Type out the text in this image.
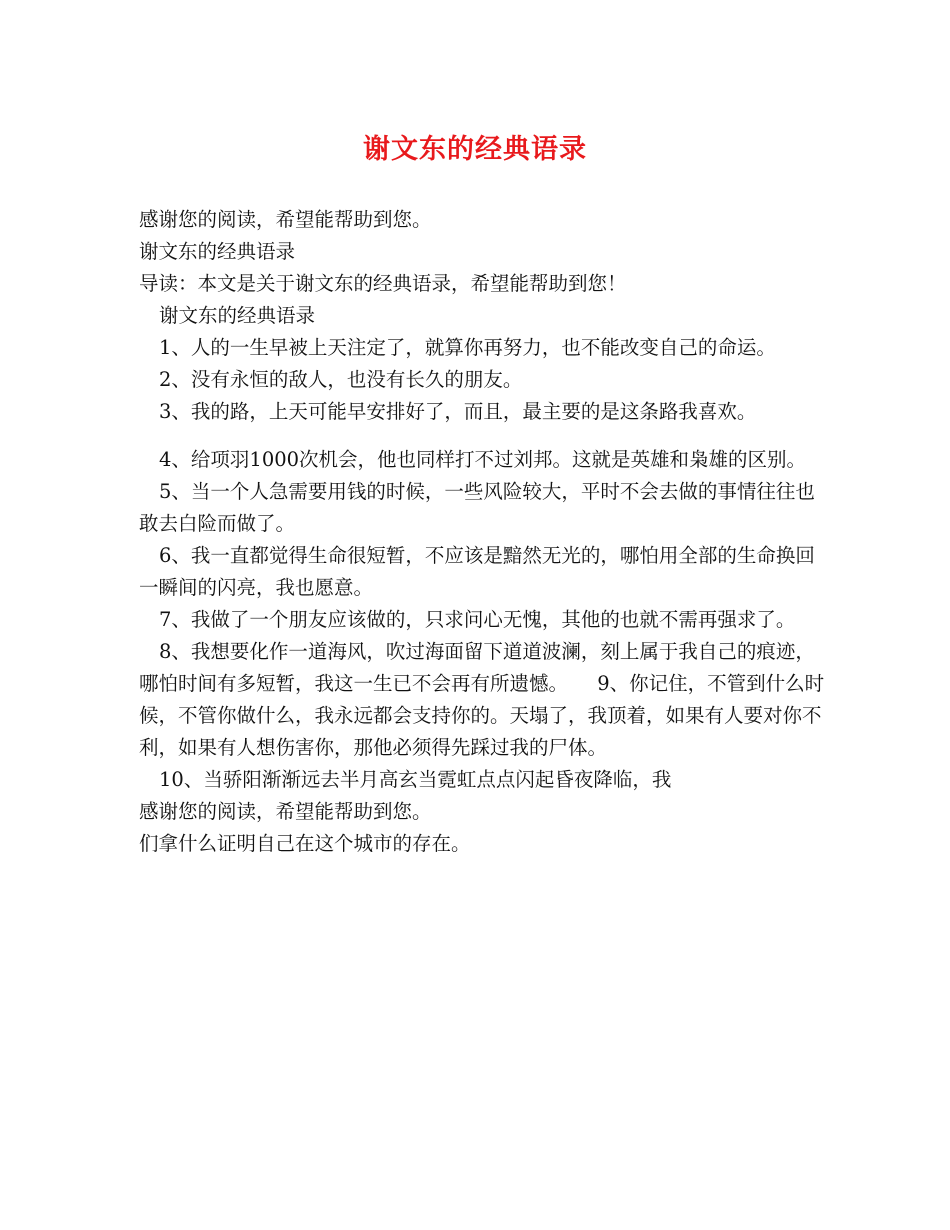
谢文东的经典语录

感谢您的阅读，希望能帮助到您。

谢文东的经典语录

导读：本文是关于谢文东的经典语录，希望能帮助到您！

谢文东的经典语录

1、人的一生早被上天注定了，就算你再努力，也不能改变自己的命运。

2、没有永恒的敌人，也没有长久的朋友。

3、我的路，上天可能早安排好了，而且，最主要的是这条路我喜欢。

4、给项羽1000次机会，他也同样打不过刘邦。这就是英雄和枭雄的区别。

5、当一个人急需要用钱的时候，一些风险较大，平时不会去做的事情往往也敢去白险而做了。

6、我一直都觉得生命很短暂，不应该是黯然无光的，哪怕用全部的生命换回一瞬间的闪亮，我也愿意。

7、我做了一个朋友应该做的，只求问心无愧，其他的也就不需再强求了。

8、我想要化作一道海风，吹过海面留下道道波澜，刻上属于我自己的痕迹，哪怕时间有多短暂，我这一生已不会再有所遗憾。　　9、你记住，不管到什么时候，不管你做什么，我永远都会支持你的。天塌了，我顶着，如果有人要对你不利，如果有人想伤害你，那他必须得先踩过我的尸体。

10、当骄阳渐渐远去半月高玄当霓虹点点闪起昏夜降临，我

感谢您的阅读，希望能帮助到您。

们拿什么证明自己在这个城市的存在。
